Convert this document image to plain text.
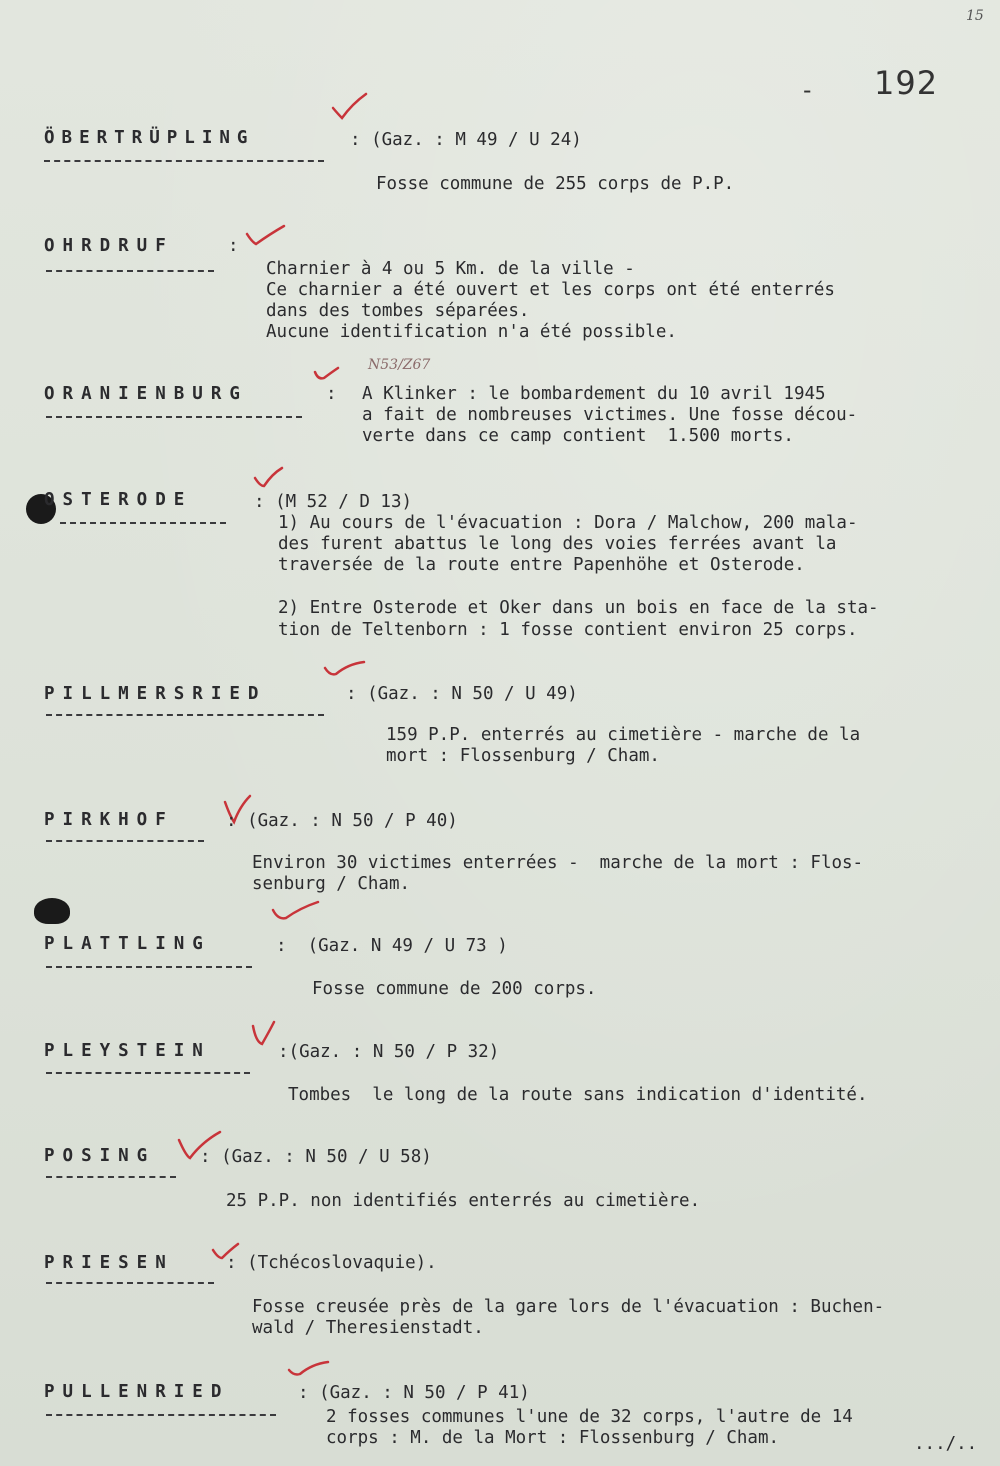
15
- 192
N53/Z67
ÖBERTRÜPLING	: (Gaz. : M 49 / U 24)
Fosse commune de 255 corps de P.P.
OHRDRUF	:
Charnier à 4 ou 5 Km. de la ville -
Ce charnier a été ouvert et les corps ont été enterrés
dans des tombes séparées.
Aucune identification n'a été possible.
ORANIENBURG	: A Klinker : le bombardement du 10 avril 1945
a fait de nombreuses victimes. Une fosse décou-
verte dans ce camp contient  1.500 morts.
OSTERODE	: (M 52 / D 13)
1) Au cours de l'évacuation : Dora / Malchow, 200 mala-
des furent abattus le long des voies ferrées avant la
traversée de la route entre Papenhöhe et Osterode.
2) Entre Osterode et Oker dans un bois en face de la sta-
tion de Teltenborn : 1 fosse contient environ 25 corps.
PILLMERSRIED	: (Gaz. : N 50 / U 49)
159 P.P. enterrés au cimetière - marche de la
mort : Flossenburg / Cham.
PIRKHOF	: (Gaz. : N 50 / P 40)
Environ 30 victimes enterrées -  marche de la mort : Flos-
senburg / Cham.
PLATTLING	:  (Gaz. N 49 / U 73 )
Fosse commune de 200 corps.
PLEYSTEIN	:(Gaz. : N 50 / P 32)
Tombes  le long de la route sans indication d'identité.
POSING	: (Gaz. : N 50 / U 58)
25 P.P. non identifiés enterrés au cimetière.
PRIESEN	: (Tchécoslovaquie).
Fosse creusée près de la gare lors de l'évacuation : Buchen-
wald / Theresienstadt.
PULLENRIED	: (Gaz. : N 50 / P 41)
2 fosses communes l'une de 32 corps, l'autre de 14
corps : M. de la Mort : Flossenburg / Cham.	.../..
